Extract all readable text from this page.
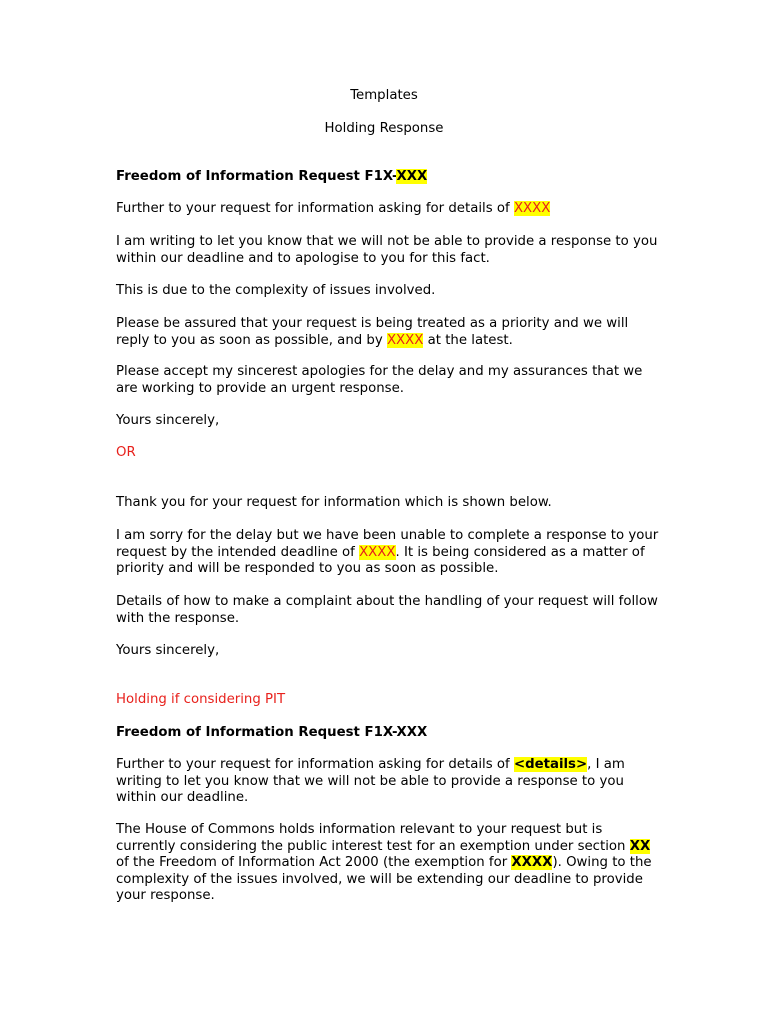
Templates

Holding Response

Freedom of Information Request F1X-XXX

Further to your request for information asking for details of XXXX

I am writing to let you know that we will not be able to provide a response to you within our deadline and to apologise to you for this fact.

This is due to the complexity of issues involved.

Please be assured that your request is being treated as a priority and we will reply to you as soon as possible, and by XXXX at the latest.

Please accept my sincerest apologies for the delay and my assurances that we are working to provide an urgent response.

Yours sincerely,

OR

Thank you for your request for information which is shown below.

I am sorry for the delay but we have been unable to complete a response to your request by the intended deadline of XXXX. It is being considered as a matter of priority and will be responded to you as soon as possible.

Details of how to make a complaint about the handling of your request will follow with the response.

Yours sincerely,

Holding if considering PIT

Freedom of Information Request F1X-XXX

Further to your request for information asking for details of <details>, I am writing to let you know that we will not be able to provide a response to you within our deadline.

The House of Commons holds information relevant to your request but is currently considering the public interest test for an exemption under section XX of the Freedom of Information Act 2000 (the exemption for XXXX). Owing to the complexity of the issues involved, we will be extending our deadline to provide your response.
